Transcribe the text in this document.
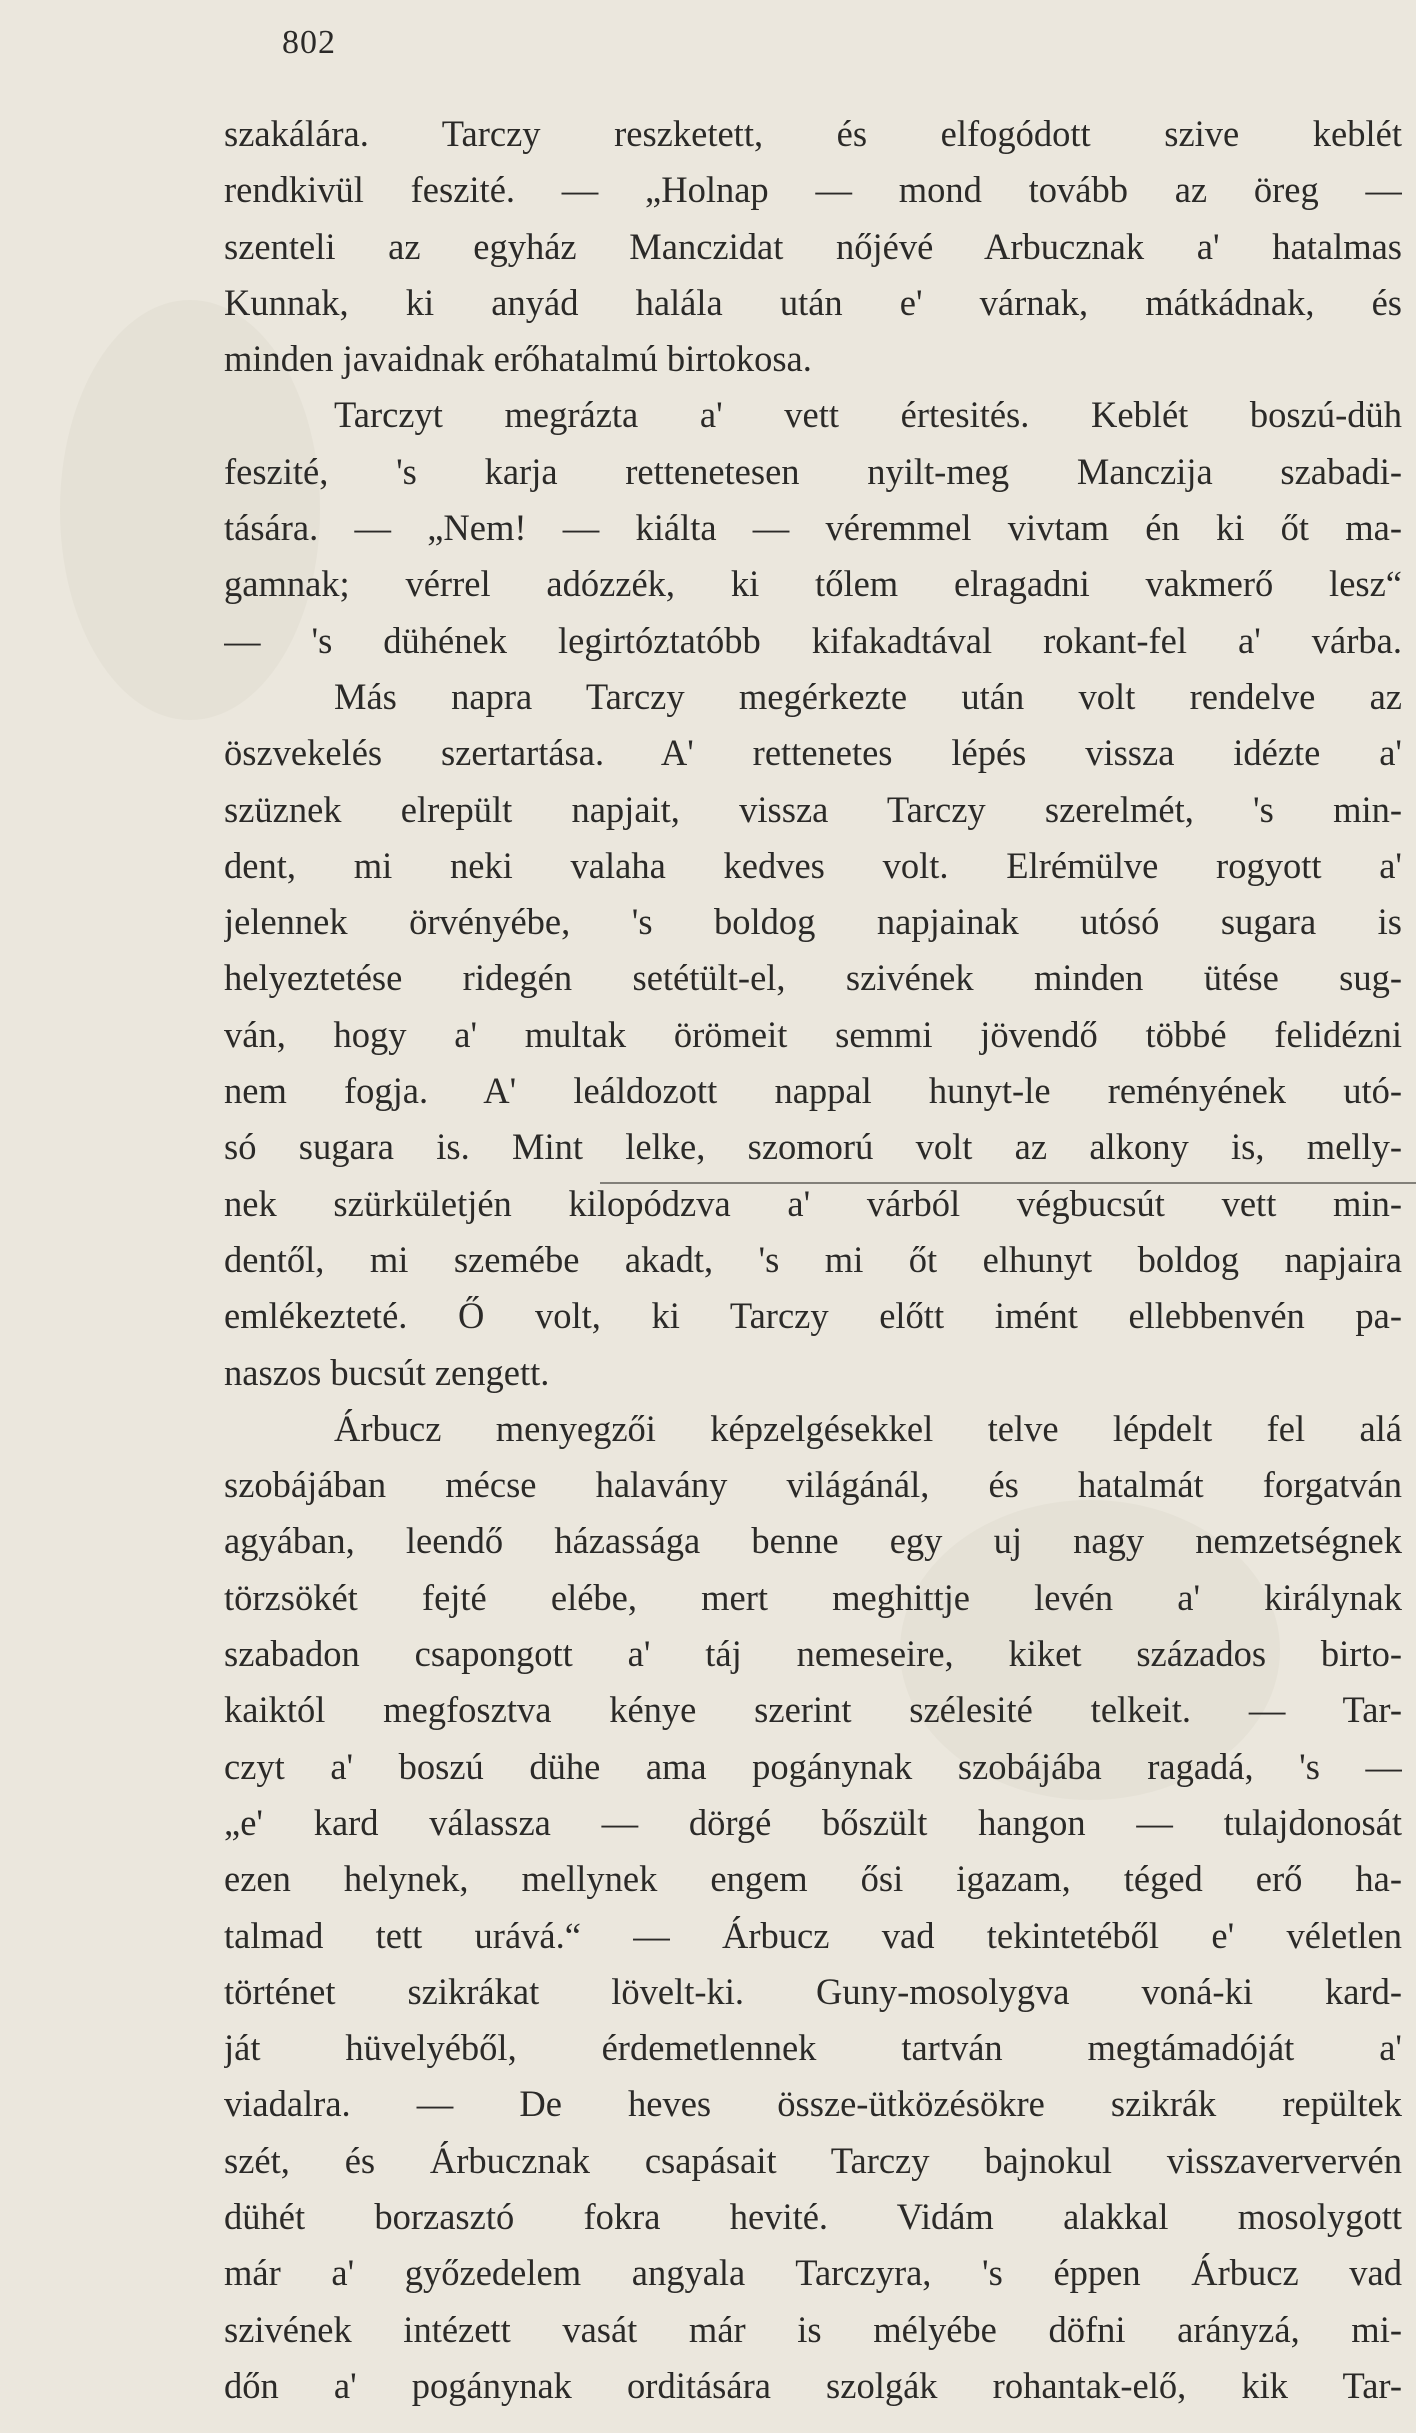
802
szakálára. Tarczy reszketett, és elfogódott szive keblét
rendkivül feszité. — „Holnap — mond tovább az öreg —
szenteli az egyház Manczidat nőjévé Arbucznak a' hatalmas
Kunnak, ki anyád halála után e' várnak, mátkádnak, és
minden javaidnak erőhatalmú birtokosa.
Tarczyt megrázta a' vett értesités. Keblét boszú-düh
feszité, 's karja rettenetesen nyilt-meg Manczija szabadi-
tására. — „Nem! — kiálta — véremmel vivtam én ki őt ma-
gamnak; vérrel adózzék, ki tőlem elragadni vakmerő lesz“
— 's dühének legirtóztatóbb kifakadtával rokant-fel a' várba.
Más napra Tarczy megérkezte után volt rendelve az
öszvekelés szertartása. A' rettenetes lépés vissza idézte a'
szüznek elrepült napjait, vissza Tarczy szerelmét, 's min-
dent, mi neki valaha kedves volt. Elrémülve rogyott a'
jelennek örvényébe, 's boldog napjainak utósó sugara is
helyeztetése ridegén setétült-el, szivének minden ütése sug-
ván, hogy a' multak örömeit semmi jövendő többé felidézni
nem fogja. A' leáldozott nappal hunyt-le reményének utó-
só sugara is. Mint lelke, szomorú volt az alkony is, melly-
nek szürkületjén kilopódzva a' várból végbucsút vett min-
dentől, mi szemébe akadt, 's mi őt elhunyt boldog napjaira
emlékezteté. Ő volt, ki Tarczy előtt imént ellebbenvén pa-
naszos bucsút zengett.
Árbucz menyegzői képzelgésekkel telve lépdelt fel alá
szobájában mécse halavány világánál, és hatalmát forgatván
agyában, leendő házassága benne egy uj nagy nemzetségnek
törzsökét fejté elébe, mert meghittje levén a' királynak
szabadon csapongott a' táj nemeseire, kiket százados birto-
kaiktól megfosztva kénye szerint szélesité telkeit. — Tar-
czyt a' boszú dühe ama pogánynak szobájába ragadá, 's —
„e' kard válassza — dörgé bőszült hangon — tulajdonosát
ezen helynek, mellynek engem ősi igazam, téged erő ha-
talmad tett urává.“ — Árbucz vad tekintetéből e' véletlen
történet szikrákat lövelt-ki. Guny-mosolygva voná-ki kard-
ját hüvelyéből, érdemetlennek tartván megtámadóját a'
viadalra. — De heves össze-ütközésökre szikrák repültek
szét, és Árbucznak csapásait Tarczy bajnokul visszaververvén
dühét borzasztó fokra hevité. Vidám alakkal mosolygott
már a' győzedelem angyala Tarczyra, 's éppen Árbucz vad
szivének intézett vasát már is mélyébe döfni arányzá, mi-
dőn a' pogánynak orditására szolgák rohantak-elő, kik Tar-
